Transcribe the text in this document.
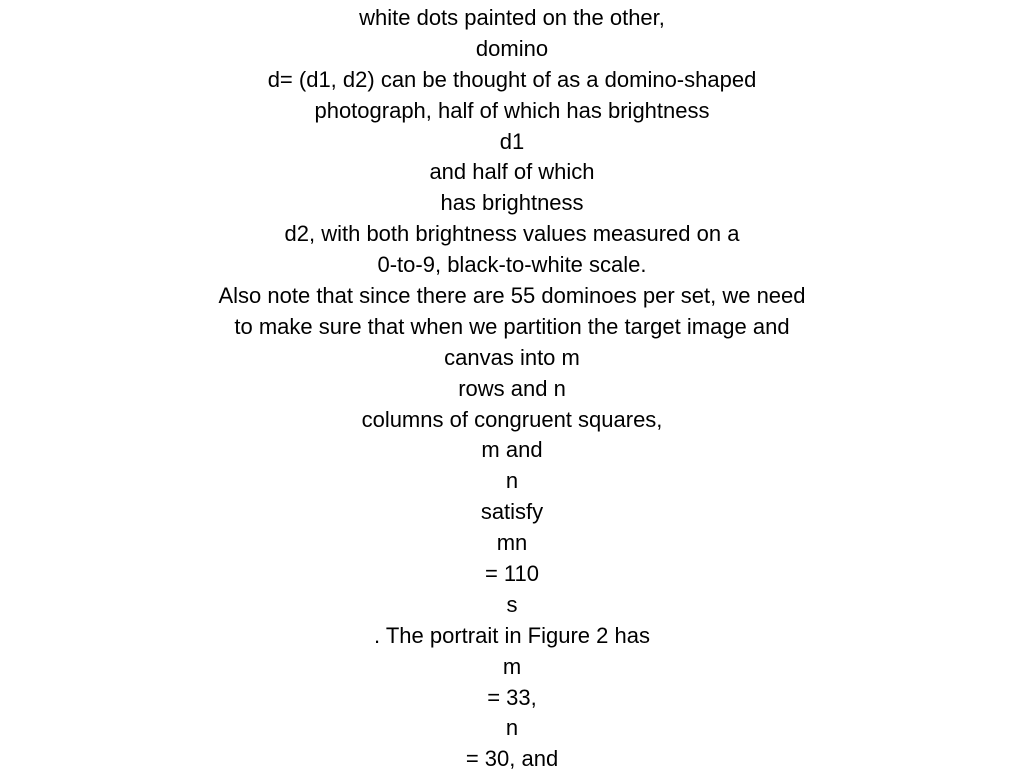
white dots painted on the other,
domino
d= (d1, d2) can be thought of as a domino-shaped
photograph, half of which has brightness
d1
and half of which
has brightness
d2, with both brightness values measured on a
0-to-9, black-to-white scale.
Also note that since there are 55 dominoes per set, we need
to make sure that when we partition the target image and
canvas into m
rows and n
columns of congruent squares,
m and
n
satisfy
mn
= 110
s
. The portrait in Figure 2 has
m
= 33,
n
= 30, and
